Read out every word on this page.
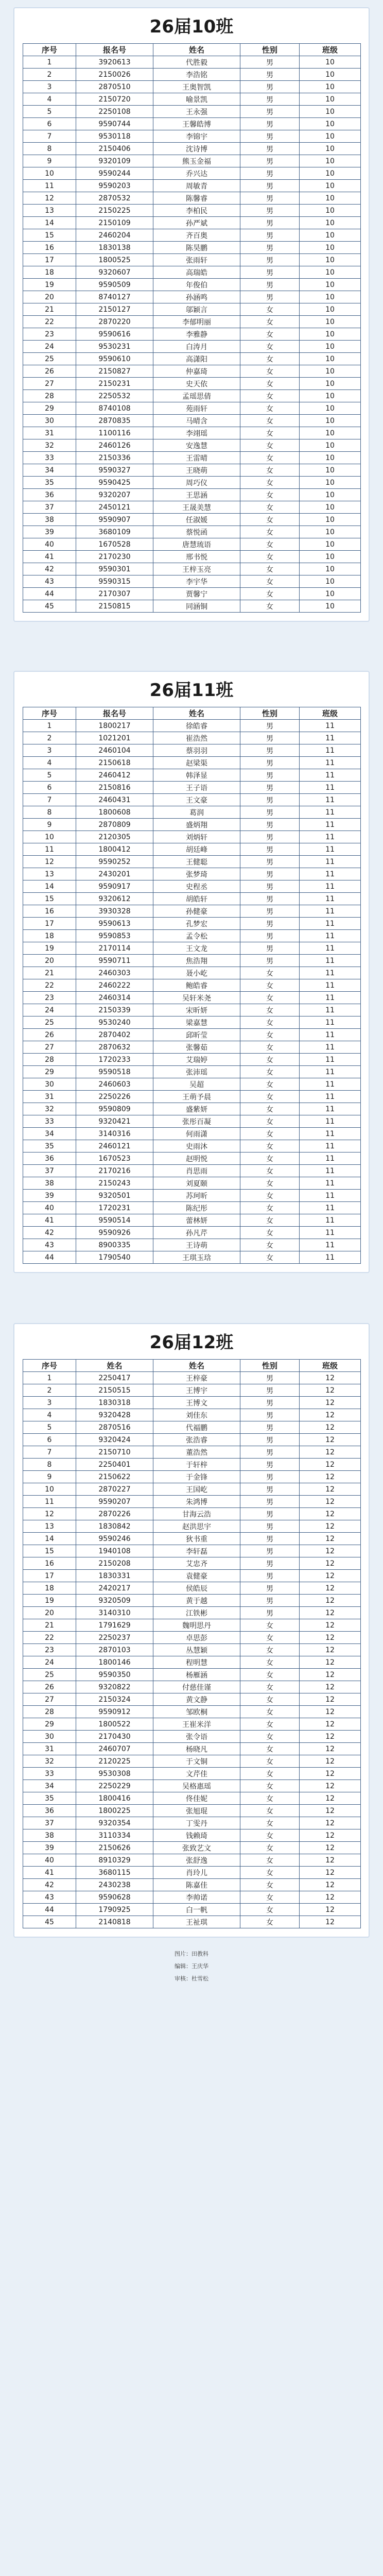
26届10班
序号	报名号	姓名	性别	班级
1	3920613	代胜毅	男	10
2	2150026	李浩铭	男	10
3	2870510	王奥智凯	男	10
4	2150720	喻景凯	男	10
5	2250108	王永强	男	10
6	9590744	王馨皓博	男	10
7	9530118	李锦宇	男	10
8	2150406	沈诗博	男	10
9	9320109	熊玉金福	男	10
10	9590244	乔兴达	男	10
11	9590203	周敏青	男	10
12	2870532	陈馨睿	男	10
13	2150225	李柏民	男	10
14	2150109	孙严斌	男	10
15	2460204	齐百奥	男	10
16	1830138	陈昊鹏	男	10
17	1800525	张雨轩	男	10
18	9320607	高瑞皓	男	10
19	9590509	年俊伯	男	10
20	8740127	孙涵鸣	男	10
21	2150127	邬颖言	女	10
22	2870220	李郁明丽	女	10
23	9590616	李雅静	女	10
24	9530231	白涛月	女	10
25	9590610	高潇阳	女	10
26	2150827	仲嘉琦	女	10
27	2150231	史天依	女	10
28	2250532	孟瑶思倩	女	10
29	8740108	苑雨轩	女	10
30	2870835	马晴含	女	10
31	1100116	李翊瑶	女	10
32	2460126	安逸慧	女	10
33	2150336	王雷晴	女	10
34	9590327	王晓萌	女	10
35	9590425	周巧仪	女	10
36	9320207	王思涵	女	10
37	2450121	王晟美慧	女	10
38	9590907	任淑媛	女	10
39	3680109	蔡悦函	女	10
40	1670528	唐慧琉语	女	10
41	2170230	邢书悦	女	10
42	9590301	王梓玉亮	女	10
43	9590315	李宇华	女	10
44	2170307	贾馨宁	女	10
45	2150815	同涵铜	女	10
26届11班
序号	报名号	姓名	性别	班级
1	1800217	徐皓睿	男	11
2	1021201	崔浩然	男	11
3	2460104	蔡羽羽	男	11
4	2150618	赵梁渠	男	11
5	2460412	韩泽显	男	11
6	2150816	王子语	男	11
7	2460431	王文豪	男	11
8	1800608	葛润	男	11
9	2870809	盛炳翔	男	11
10	2120305	刘炳轩	男	11
11	1800412	胡廷峰	男	11
12	9590252	王健聪	男	11
13	2430201	张梦琦	男	11
14	9590917	史程丞	男	11
15	9320612	胡皓轩	男	11
16	3930328	孙健豪	男	11
17	9590613	孔梦宏	男	11
18	9590853	孟令松	男	11
19	2170114	王文龙	男	11
20	9590711	焦浩翔	男	11
21	2460303	聂小屹	女	11
22	2460222	鲍皓睿	女	11
23	2460314	吴轩米尧	女	11
24	2150339	宋昕妍	女	11
25	9530240	梁嘉慧	女	11
26	2870402	邱昕莹	女	11
27	2870632	张馨茹	女	11
28	1720233	艾瑞婷	女	11
29	9590518	张沛瑶	女	11
30	2460603	吴超	女	11
31	2250226	王萌予晨	女	11
32	9590809	盛紫妍	女	11
33	9320421	张彤百凝	女	11
34	3140316	何雨潇	女	11
35	2460121	史雨沐	女	11
36	1670523	赵明悦	女	11
37	2170216	肖思雨	女	11
38	2150243	刘夏颐	女	11
39	9320501	苏珂昕	女	11
40	1720231	陈纪彤	女	11
41	9590514	蕾林妍	女	11
42	9590926	孙凡芹	女	11
43	8900335	王诗萌	女	11
44	1790540	王琪玉琀	女	11
26届12班
序号	姓名	姓名	性别	班级
1	2250417	王梓豪	男	12
2	2150515	王博宇	男	12
3	1830318	王博文	男	12
4	9320428	刘佳东	男	12
5	2870516	代福鹏	男	12
6	9320424	张浩睿	男	12
7	2150710	董浩然	男	12
8	2250401	于轩梓	男	12
9	2150622	于金锋	男	12
10	2870227	王国屹	男	12
11	9590207	朱鸿博	男	12
12	2870226	甘海云浩	男	12
13	1830842	赵洪思宇	男	12
14	9590246	狄书重	男	12
15	1940108	李轩磊	男	12
16	2150208	艾忠齐	男	12
17	1830331	袁健豪	男	12
18	2420217	侯皓辰	男	12
19	9320509	黄于越	男	12
20	3140310	江铁彬	男	12
21	1791629	魏明思丹	女	12
22	2250237	卓思彭	女	12
23	2870103	丛慧颖	女	12
24	1800146	程明慧	女	12
25	9590350	杨雁涵	女	12
26	9320822	付慈佳谨	女	12
27	2150324	黄文静	女	12
28	9590912	邹欧桐	女	12
29	1800522	王崔米洋	女	12
30	2170430	张令语	女	12
31	2460707	杨晓凡	女	12
32	2120225	于文铜	女	12
33	9530308	文芹佳	女	12
34	2250229	吴格惠瑶	女	12
35	1800416	佟佳妮	女	12
36	1800225	张旭琨	女	12
37	9320354	丁雯丹	女	12
38	3110334	钱赖琦	女	12
39	2150626	张致艺文	女	12
40	8910329	张舒逸	女	12
41	3680115	肖玲儿	女	12
42	2430238	陈嘉佳	女	12
43	9590628	李帅诺	女	12
44	1790925	白一帆	女	12
45	2140818	王祉琪	女	12
图片：田教科
编辑：王庆华
审核：杜雪松
